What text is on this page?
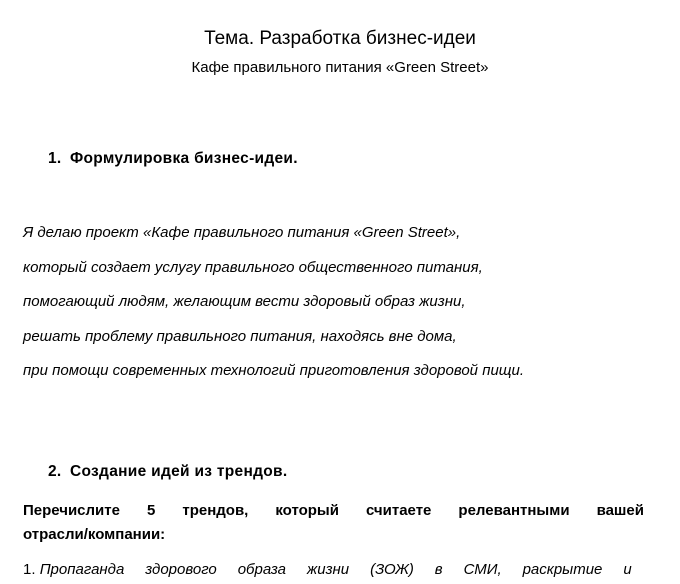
Тема. Разработка бизнес-идеи
Кафе правильного питания «Green Street»
1. Формулировка бизнес-идеи.
Я делаю проект «Кафе правильного питания «Green Street»,
который создает услугу правильного общественного питания,
помогающий людям, желающим вести здоровый образ жизни,
решать проблему правильного питания, находясь вне дома,
при помощи современных технологий приготовления здоровой пищи.
2. Создание идей из трендов.
Перечислите 5 трендов, который считаете релевантными вашей
отрасли/компании:
1. Пропаганда здорового образа жизни (ЗОЖ) в СМИ, раскрытие и
